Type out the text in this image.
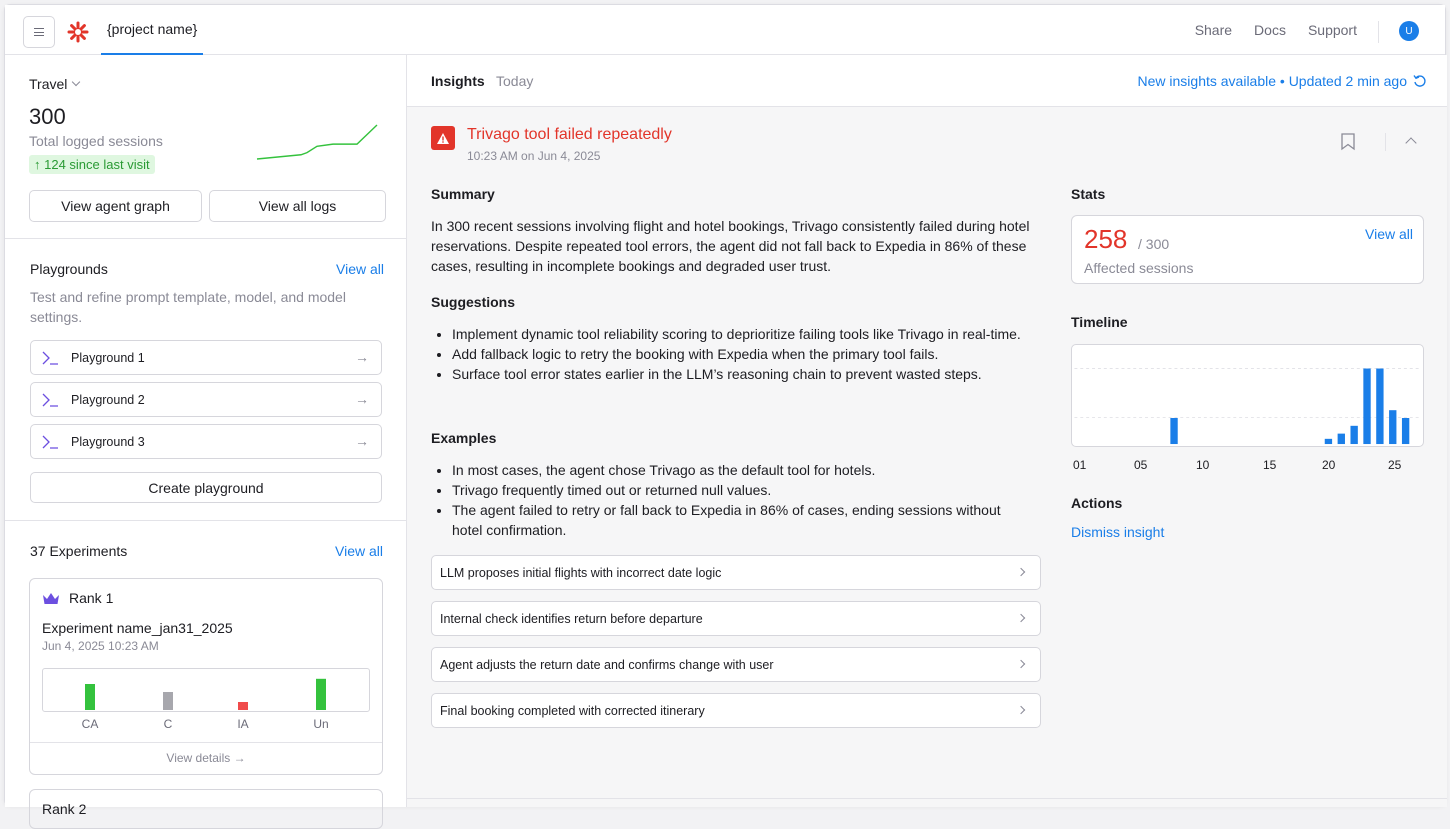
{project name}	Share Docs Support	U
Travel
300
Total logged sessions
↑ 124 since last visit
View agent graph	View all logs
Playgrounds	View all
Test and refine prompt template, model, and model settings.
Playground 1	→
Playground 2	→
Playground 3	→
Create playground
37 Experiments	View all
Rank 1
Experiment name_jan31_2025
Jun 4, 2025 10:23 AM
CA	C	IA	Un
View details →
Rank 2
Insights Today	New insights available • Updated 2 min ago
Trivago tool failed repeatedly
10:23 AM on Jun 4, 2025
Summary
In 300 recent sessions involving flight and hotel bookings, Trivago consistently failed during hotel reservations. Despite repeated tool errors, the agent did not fall back to Expedia in 86% of these cases, resulting in incomplete bookings and degraded user trust.
Suggestions
• Implement dynamic tool reliability scoring to deprioritize failing tools like Trivago in real-time.
• Add fallback logic to retry the booking with Expedia when the primary tool fails.
• Surface tool error states earlier in the LLM’s reasoning chain to prevent wasted steps.
Examples
• In most cases, the agent chose Trivago as the default tool for hotels.
• Trivago frequently timed out or returned null values.
• The agent failed to retry or fall back to Expedia in 86% of cases, ending sessions without hotel confirmation.
LLM proposes initial flights with incorrect date logic
Internal check identifies return before departure
Agent adjusts the return date and confirms change with user
Final booking completed with corrected itinerary
Stats
258 / 300
Affected sessions
View all
Timeline
01	05	10	15	20	25
Actions
Dismiss insight
